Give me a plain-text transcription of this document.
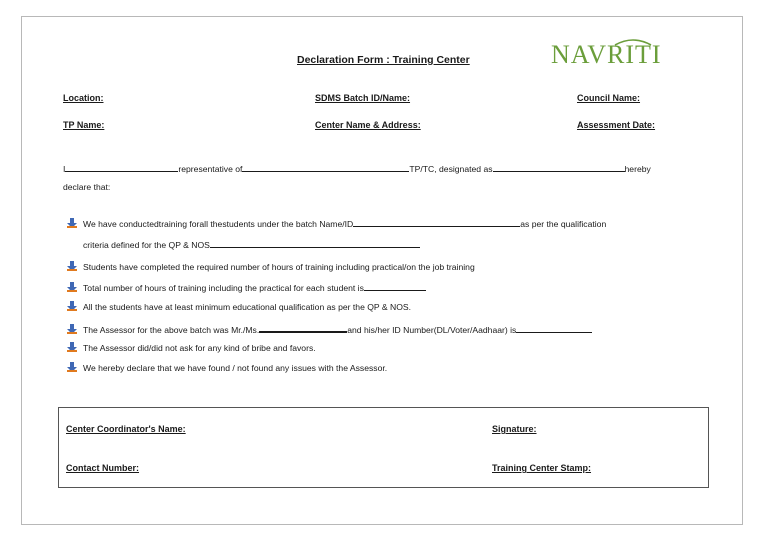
Declaration Form : Training Center	NAVRITI
Location:	SDMS Batch ID/Name:	Council Name:
TP Name:	Center Name & Address:	Assessment Date:
I	representative of	TP/TC, designated as	hereby
declare that:
We have conductedtraining forall thestudents under the batch Name/ID	as per the qualification
criteria defined for the QP & NOS
Students have completed the required number of hours of training including practical/on the job training
Total number of hours of training including the practical for each student is
All the students have at least minimum educational qualification as per the QP & NOS.
The Assessor for the above batch was Mr./Ms.	and his/her ID Number(DL/Voter/Aadhaar) is
The Assessor did/did not ask for any kind of bribe and favors.
We hereby declare that we have found / not found any issues with the Assessor.
Center Coordinator's Name:	Signature:
Contact Number:	Training Center Stamp:
